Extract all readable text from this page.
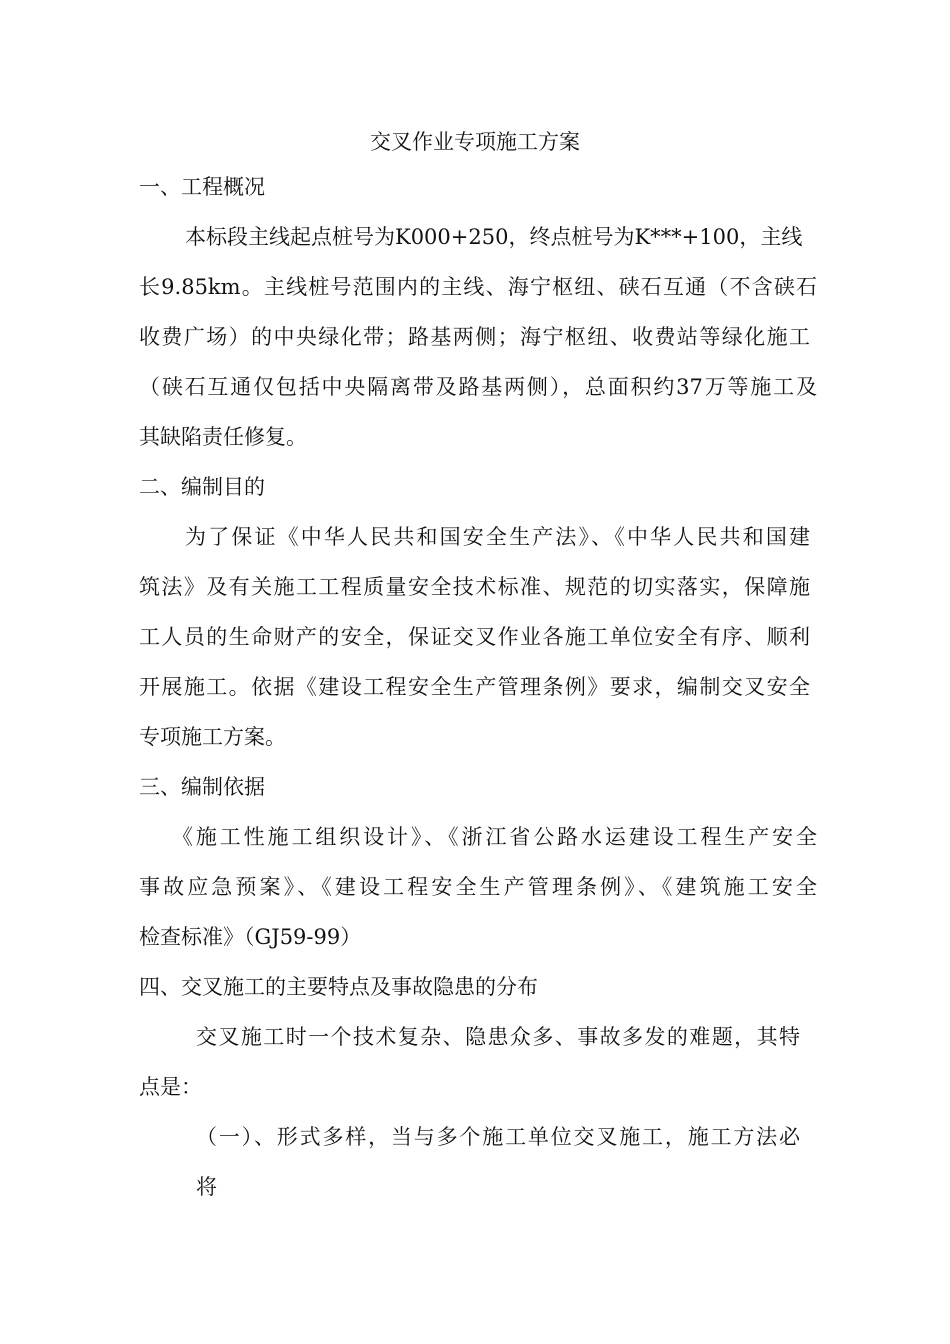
交叉作业专项施工方案
一、工程概况
本标段主线起点桩号为K000+250，终点桩号为K***+100，主线
长9.85km。主线桩号范围内的主线、海宁枢纽、硖石互通（不含硖石
收费广场）的中央绿化带；路基两侧；海宁枢纽、收费站等绿化施工
（硖石互通仅包括中央隔离带及路基两侧），总面积约37万等施工及
其缺陷责任修复。
二、编制目的
为了保证《中华人民共和国安全生产法》、《中华人民共和国建
筑法》及有关施工工程质量安全技术标准、规范的切实落实，保障施
工人员的生命财产的安全，保证交叉作业各施工单位安全有序、顺利
开展施工。依据《建设工程安全生产管理条例》要求，编制交叉安全
专项施工方案。
三、编制依据
《施工性施工组织设计》、《浙江省公路水运建设工程生产安全
事故应急预案》、《建设工程安全生产管理条例》、《建筑施工安全
检查标准》（GJ59-99）
四、交叉施工的主要特点及事故隐患的分布
交叉施工时一个技术复杂、隐患众多、事故多发的难题，其特
点是：
（一）、形式多样，当与多个施工单位交叉施工，施工方法必
将
